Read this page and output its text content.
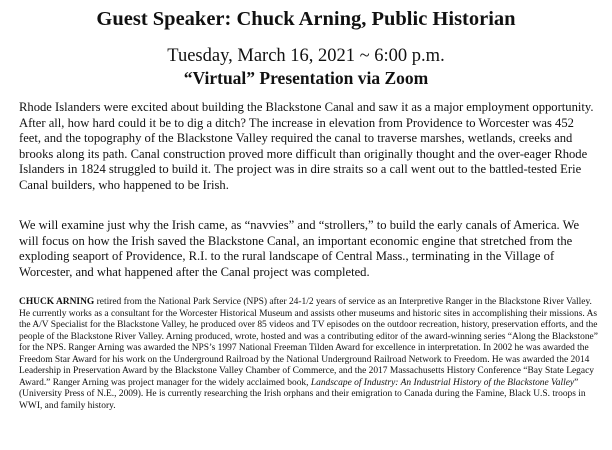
Guest Speaker: Chuck Arning, Public Historian
Tuesday, March 16, 2021 ~ 6:00 p.m.
“Virtual” Presentation via Zoom

Rhode Islanders were excited about building the Blackstone Canal and saw it as a major employment opportunity. After all, how hard could it be to dig a ditch? The increase in elevation from Providence to Worcester was 452 feet, and the topography of the Blackstone Valley required the canal to traverse marshes, wetlands, creeks and brooks along its path. Canal construction proved more difficult than originally thought and the over-eager Rhode Islanders in 1824 struggled to build it. The project was in dire straits so a call went out to the battled-tested Erie Canal builders, who happened to be Irish.

We will examine just why the Irish came, as “navvies” and “strollers,” to build the early canals of America. We will focus on how the Irish saved the Blackstone Canal, an important economic engine that stretched from the exploding seaport of Providence, R.I. to the rural landscape of Central Mass., terminating in the Village of Worcester, and what happened after the Canal project was completed.

CHUCK ARNING retired from the National Park Service (NPS) after 24-1/2 years of service as an Interpretive Ranger in the Blackstone River Valley. He currently works as a consultant for the Worcester Historical Museum and assists other museums and historic sites in accomplishing their missions. As the A/V Specialist for the Blackstone Valley, he produced over 85 videos and TV episodes on the outdoor recreation, history, preservation efforts, and the people of the Blackstone River Valley. Arning produced, wrote, hosted and was a contributing editor of the award-winning series “Along the Blackstone” for the NPS. Ranger Arning was awarded the NPS’s 1997 National Freeman Tilden Award for excellence in interpretation. In 2002 he was awarded the Freedom Star Award for his work on the Underground Railroad by the National Underground Railroad Network to Freedom. He was awarded the 2014 Leadership in Preservation Award by the Blackstone Valley Chamber of Commerce, and the 2017 Massachusetts History Conference “Bay State Legacy Award.” Ranger Arning was project manager for the widely acclaimed book, Landscape of Industry: An Industrial History of the Blackstone Valley” (University Press of N.E., 2009). He is currently researching the Irish orphans and their emigration to Canada during the Famine, Black U.S. troops in WWI, and family history.
